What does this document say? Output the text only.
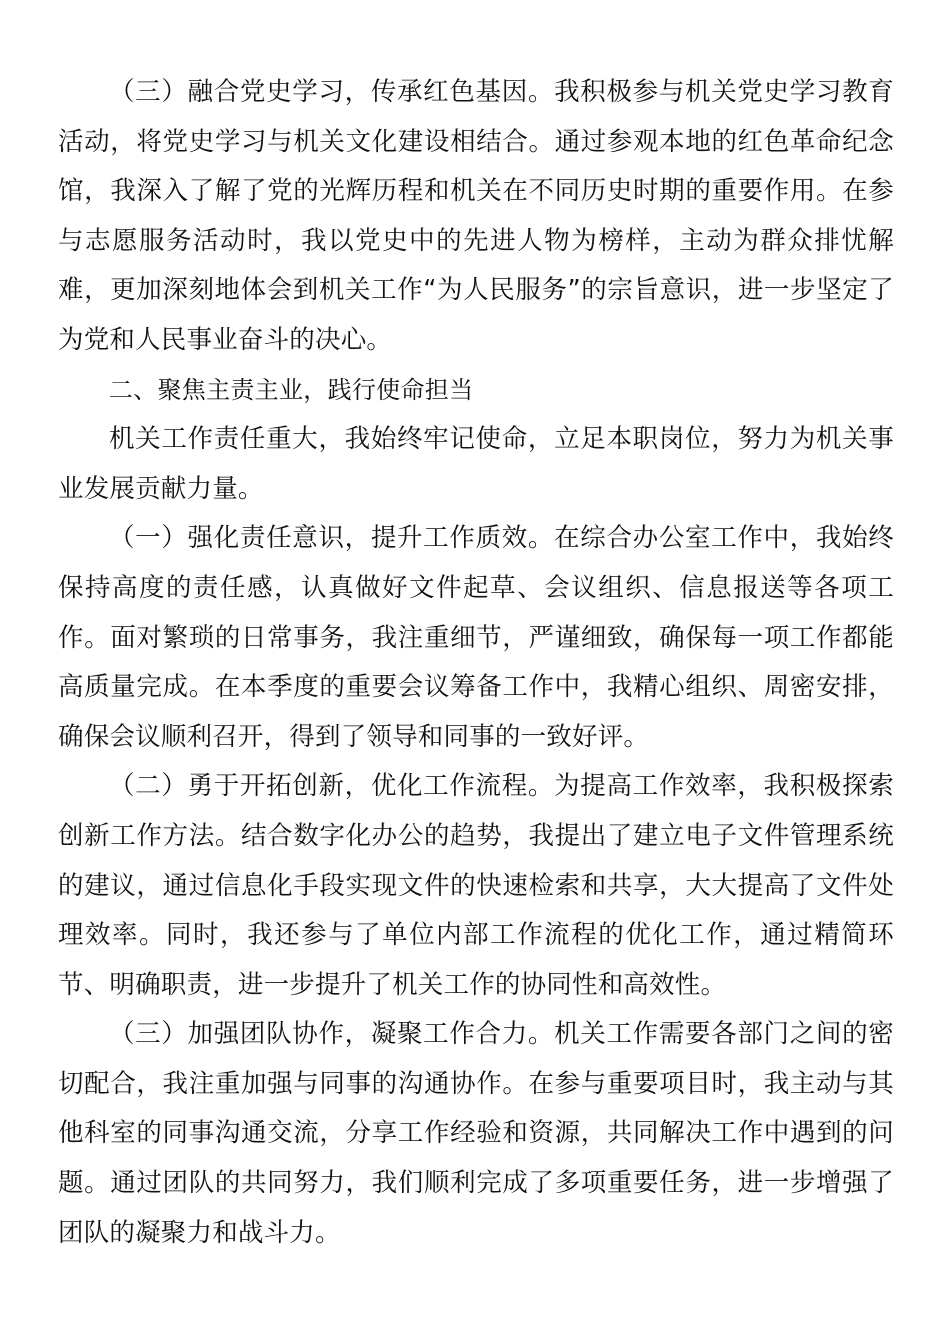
（三）融合党史学习，传承红色基因。我积极参与机关党史学习教育活动，将党史学习与机关文化建设相结合。通过参观本地的红色革命纪念馆，我深入了解了党的光辉历程和机关在不同历史时期的重要作用。在参与志愿服务活动时，我以党史中的先进人物为榜样，主动为群众排忧解难，更加深刻地体会到机关工作“为人民服务”的宗旨意识，进一步坚定了为党和人民事业奋斗的决心。

二、聚焦主责主业，践行使命担当

机关工作责任重大，我始终牢记使命，立足本职岗位，努力为机关事业发展贡献力量。

（一）强化责任意识，提升工作质效。在综合办公室工作中，我始终保持高度的责任感，认真做好文件起草、会议组织、信息报送等各项工作。面对繁琐的日常事务，我注重细节，严谨细致，确保每一项工作都能高质量完成。在本季度的重要会议筹备工作中，我精心组织、周密安排，确保会议顺利召开，得到了领导和同事的一致好评。

（二）勇于开拓创新，优化工作流程。为提高工作效率，我积极探索创新工作方法。结合数字化办公的趋势，我提出了建立电子文件管理系统的建议，通过信息化手段实现文件的快速检索和共享，大大提高了文件处理效率。同时，我还参与了单位内部工作流程的优化工作，通过精简环节、明确职责，进一步提升了机关工作的协同性和高效性。

（三）加强团队协作，凝聚工作合力。机关工作需要各部门之间的密切配合，我注重加强与同事的沟通协作。在参与重要项目时，我主动与其他科室的同事沟通交流，分享工作经验和资源，共同解决工作中遇到的问题。通过团队的共同努力，我们顺利完成了多项重要任务，进一步增强了团队的凝聚力和战斗力。
